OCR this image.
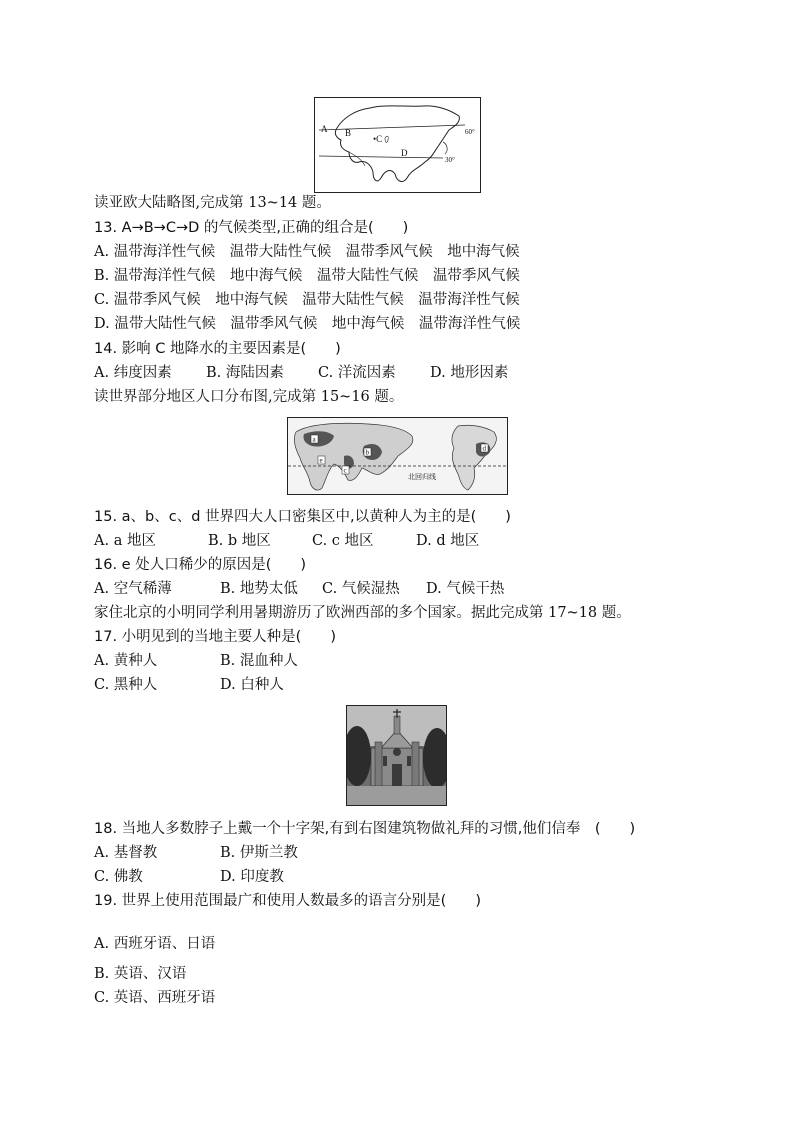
A B
•C
D
60°
30°
读亚欧大陆略图,完成第 13~14 题。
13. A→B→C→D 的气候类型,正确的组合是(　　)
A. 温带海洋性气候　温带大陆性气候　温带季风气候　地中海气候
B. 温带海洋性气候　地中海气候　温带大陆性气候　温带季风气候
C. 温带季风气候　地中海气候　温带大陆性气候　温带海洋性气候
D. 温带大陆性气候　温带季风气候　地中海气候　温带海洋性气候
14. 影响 C 地降水的主要因素是(　　)
A. 纬度因素 B. 海陆因素 C. 洋流因素 D. 地形因素
读世界部分地区人口分布图,完成第 15~16 题。
北回归线
a
b
c
d
e
15. a、b、c、d 世界四大人口密集区中,以黄种人为主的是(　　)
A. a 地区	B. b 地区	C. c 地区	D. d 地区
16. e 处人口稀少的原因是(　　)
A. 空气稀薄	B. 地势太低 C. 气候湿热 D. 气候干热
家住北京的小明同学利用暑期游历了欧洲西部的多个国家。据此完成第 17~18 题。
17. 小明见到的当地主要人种是(　　)
A. 黄种人	B. 混血种人
C. 黑种人	D. 白种人
18. 当地人多数脖子上戴一个十字架,有到右图建筑物做礼拜的习惯,他们信奉　(　　)
A. 基督教	B. 伊斯兰教
C. 佛教	D. 印度教
19. 世界上使用范围最广和使用人数最多的语言分别是(　　)
A. 西班牙语、日语
B. 英语、汉语
C. 英语、西班牙语
